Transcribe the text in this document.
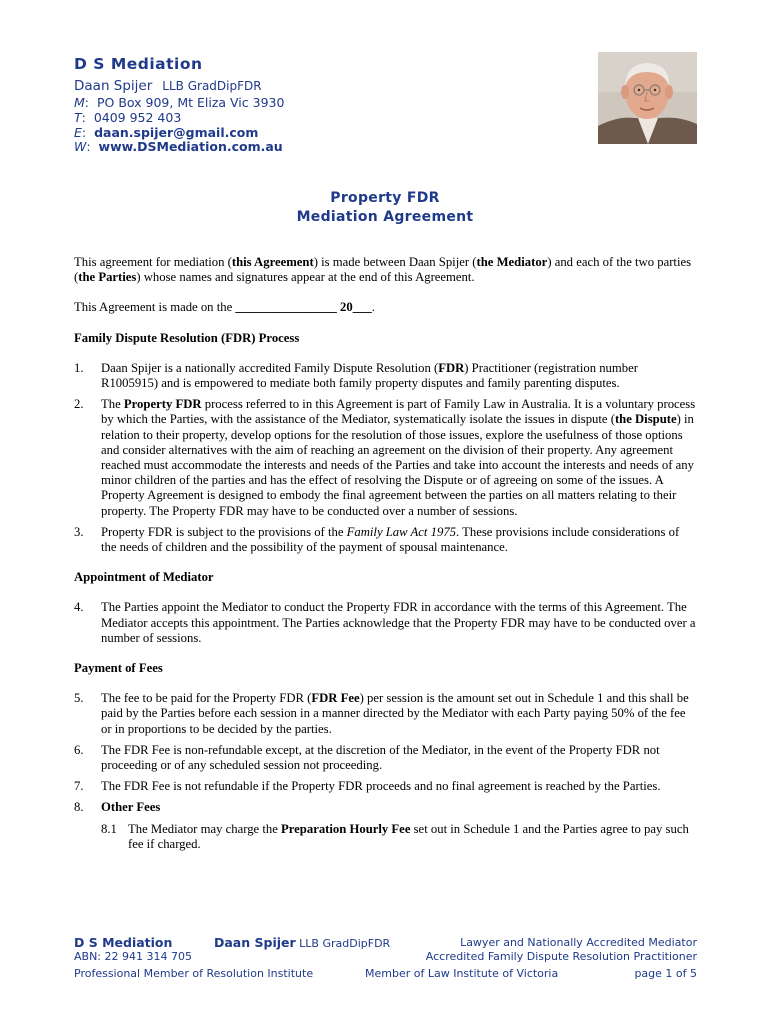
D S Mediation
Daan Spijer LLB GradDipFDR
M:  PO Box 909, Mt Eliza Vic 3930
T:  0409 952 403
E:  daan.spijer@gmail.com
W:  www.DSMediation.com.au
Property FDR
Mediation Agreement

This agreement for mediation (this Agreement) is made between Daan Spijer (the Mediator) and each of the two parties (the Parties) whose names and signatures appear at the end of this Agreement.

This Agreement is made on the ________________ 20___.

Family Dispute Resolution (FDR) Process

1. Daan Spijer is a nationally accredited Family Dispute Resolution (FDR) Practitioner (registration number R1005915) and is empowered to mediate both family property disputes and family parenting disputes.
2. The Property FDR process referred to in this Agreement is part of Family Law in Australia. It is a voluntary process by which the Parties, with the assistance of the Mediator, systematically isolate the issues in dispute (the Dispute) in relation to their property, develop options for the resolution of those issues, explore the usefulness of those options and consider alternatives with the aim of reaching an agreement on the division of their property. Any agreement reached must accommodate the interests and needs of the Parties and take into account the interests and needs of any minor children of the parties and has the effect of resolving the Dispute or of agreeing on some of the issues. A Property Agreement is designed to embody the final agreement between the parties on all matters relating to their property. The Property FDR may have to be conducted over a number of sessions.
3. Property FDR is subject to the provisions of the Family Law Act 1975. These provisions include considerations of the needs of children and the possibility of the payment of spousal maintenance.

Appointment of Mediator

4. The Parties appoint the Mediator to conduct the Property FDR in accordance with the terms of this Agreement. The Mediator accepts this appointment. The Parties acknowledge that the Property FDR may have to be conducted over a number of sessions.

Payment of Fees

5. The fee to be paid for the Property FDR (FDR Fee) per session is the amount set out in Schedule 1 and this shall be paid by the Parties before each session in a manner directed by the Mediator with each Party paying 50% of the fee or in proportions to be decided by the parties.
6. The FDR Fee is non-refundable except, at the discretion of the Mediator, in the event of the Property FDR not proceeding or of any scheduled session not proceeding.
7. The FDR Fee is not refundable if the Property FDR proceeds and no final agreement is reached by the Parties.
8. Other Fees
8.1 The Mediator may charge the Preparation Hourly Fee set out in Schedule 1 and the Parties agree to pay such fee if charged.
D S Mediation	Daan Spijer LLB GradDipFDR	Lawyer and Nationally Accredited Mediator
ABN: 22 941 314 705	Accredited Family Dispute Resolution Practitioner
Professional Member of Resolution Institute	Member of Law Institute of Victoria	page 1 of 5
